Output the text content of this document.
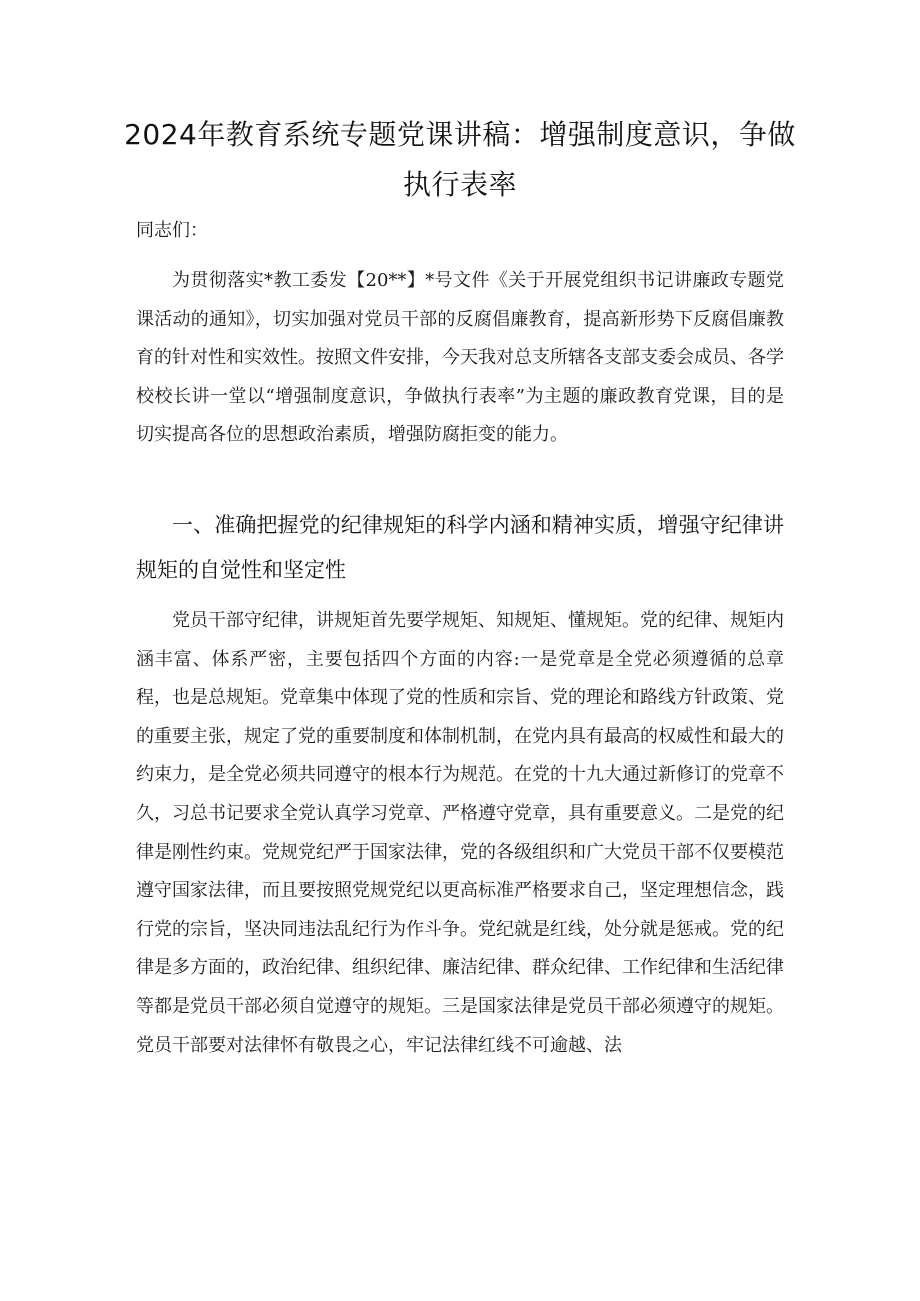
2024年教育系统专题党课讲稿：增强制度意识，争做
执行表率
同志们：

为贯彻落实*教工委发【20**】*号文件《关于开展党组织书记讲廉政专题党课活动的通知》，切实加强对党员干部的反腐倡廉教育，提高新形势下反腐倡廉教育的针对性和实效性。按照文件安排，今天我对总支所辖各支部支委会成员、各学校校长讲一堂以“增强制度意识，争做执行表率”为主题的廉政教育党课，目的是切实提高各位的思想政治素质，增强防腐拒变的能力。

一、准确把握党的纪律规矩的科学内涵和精神实质，增强守纪律讲规矩的自觉性和坚定性

党员干部守纪律，讲规矩首先要学规矩、知规矩、懂规矩。党的纪律、规矩内涵丰富、体系严密，主要包括四个方面的内容:一是党章是全党必须遵循的总章程，也是总规矩。党章集中体现了党的性质和宗旨、党的理论和路线方针政策、党的重要主张，规定了党的重要制度和体制机制，在党内具有最高的权威性和最大的约束力，是全党必须共同遵守的根本行为规范。在党的十九大通过新修订的党章不久，习总书记要求全党认真学习党章、严格遵守党章，具有重要意义。二是党的纪律是刚性约束。党规党纪严于国家法律，党的各级组织和广大党员干部不仅要模范遵守国家法律，而且要按照党规党纪以更高标准严格要求自己，坚定理想信念，践行党的宗旨，坚决同违法乱纪行为作斗争。党纪就是红线，处分就是惩戒。党的纪律是多方面的，政治纪律、组织纪律、廉洁纪律、群众纪律、工作纪律和生活纪律等都是党员干部必须自觉遵守的规矩。三是国家法律是党员干部必须遵守的规矩。党员干部要对法律怀有敬畏之心，牢记法律红线不可逾越、法
